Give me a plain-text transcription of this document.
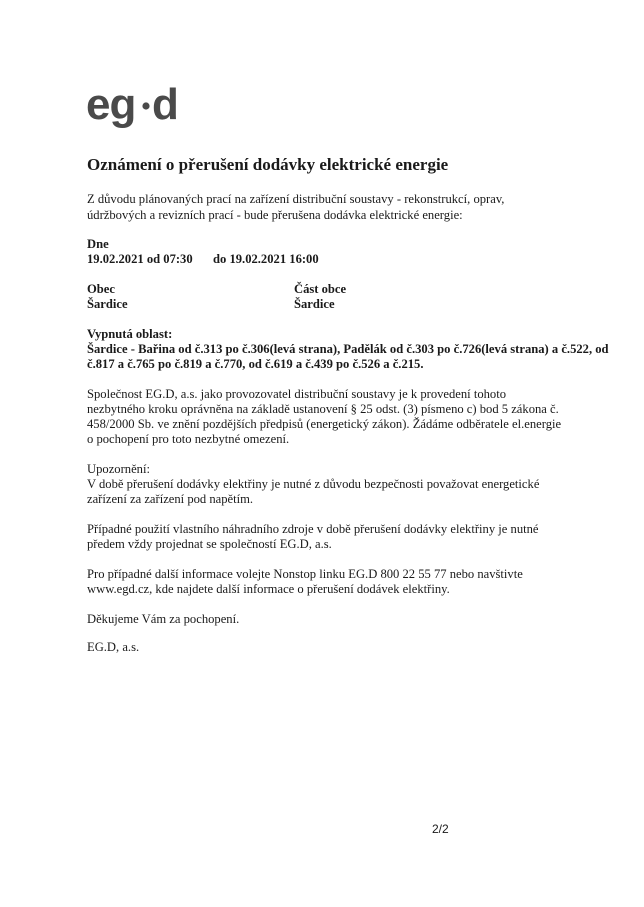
eg d
Oznámení o přerušení dodávky elektrické energie
Z důvodu plánovaných prací na zařízení distribuční soustavy - rekonstrukcí, oprav,
údržbových a revizních prací - bude přerušena dodávka elektrické energie:
Dne
19.02.2021 od 07:30 do 19.02.2021 16:00
Obec
Šardice
Část obce
Šardice
Vypnutá oblast:
Šardice - Bařina od č.313 po č.306(levá strana), Padělák od č.303 po č.726(levá strana) a č.522, od
č.817 a č.765 po č.819 a č.770, od č.619 a č.439 po č.526 a č.215.
Společnost EG.D, a.s. jako provozovatel distribuční soustavy je k provedení tohoto
nezbytného kroku oprávněna na základě ustanovení § 25 odst. (3) písmeno c) bod 5 zákona č.
458/2000 Sb. ve znění pozdějších předpisů (energetický zákon). Žádáme odběratele el.energie
o pochopení pro toto nezbytné omezení.
Upozornění:
V době přerušení dodávky elektřiny je nutné z důvodu bezpečnosti považovat energetické
zařízení za zařízení pod napětím.
Případné použití vlastního náhradního zdroje v době přerušení dodávky elektřiny je nutné
předem vždy projednat se společností EG.D, a.s.
Pro případné další informace volejte Nonstop linku EG.D 800 22 55 77 nebo navštivte
www.egd.cz, kde najdete další informace o přerušení dodávek elektřiny.
Děkujeme Vám za pochopení.
EG.D, a.s.
2/2
